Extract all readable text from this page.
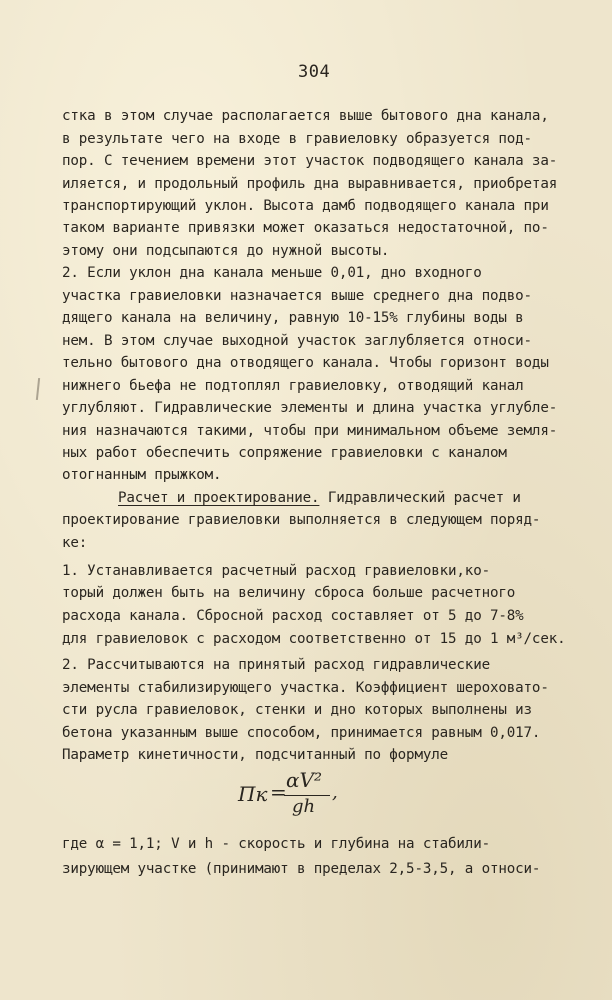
304
стка в этом случае располагается выше бытового дна канала,
в результате чего на входе в гравиеловку образуется под-
пор. С течением времени этот участок подводящего канала за-
иляется, и продольный профиль дна выравнивается, приобретая
транспортирующий уклон. Высота дамб подводящего канала при
таком варианте привязки может оказаться недостаточной, по-
этому они подсыпаются до нужной высоты.
2. Если уклон дна канала меньше 0,01, дно входного
участка гравиеловки назначается выше среднего дна подво-
дящего канала на величину, равную 10-15% глубины воды в
нем. В этом случае выходной участок заглубляется относи-
тельно бытового дна отводящего канала. Чтобы горизонт воды
нижнего бьефа не подтоплял гравиеловку, отводящий канал
углубляют. Гидравлические элементы и длина участка углубле-
ния назначаются такими, чтобы при минимальном объеме земля-
ных работ обеспечить сопряжение гравиеловки с каналом
отогнанным прыжком.
Расчет и проектирование. Гидравлический расчет и
проектирование гравиеловки выполняется в следующем поряд-
ке:
1. Устанавливается расчетный расход гравиеловки,ко-
торый должен быть на величину сброса больше расчетного
расхода канала. Сбросной расход составляет от 5 до 7-8%
для гравиеловок с расходом соответственно от 15 до 1 м³/сек.
2. Рассчитываются на принятый расход гидравлические
элементы стабилизирующего участка. Коэффициент шероховато-
сти русла гравиеловок, стенки и дно которых выполнены из
бетона указанным выше способом, принимается равным 0,017.
Параметр кинетичности, подсчитанный по формуле
Пк = αV²
gh
,
где α = 1,1; V и h - скорость и глубина на стабили-
зирующем участке (принимают в пределах 2,5-3,5, а относи-
